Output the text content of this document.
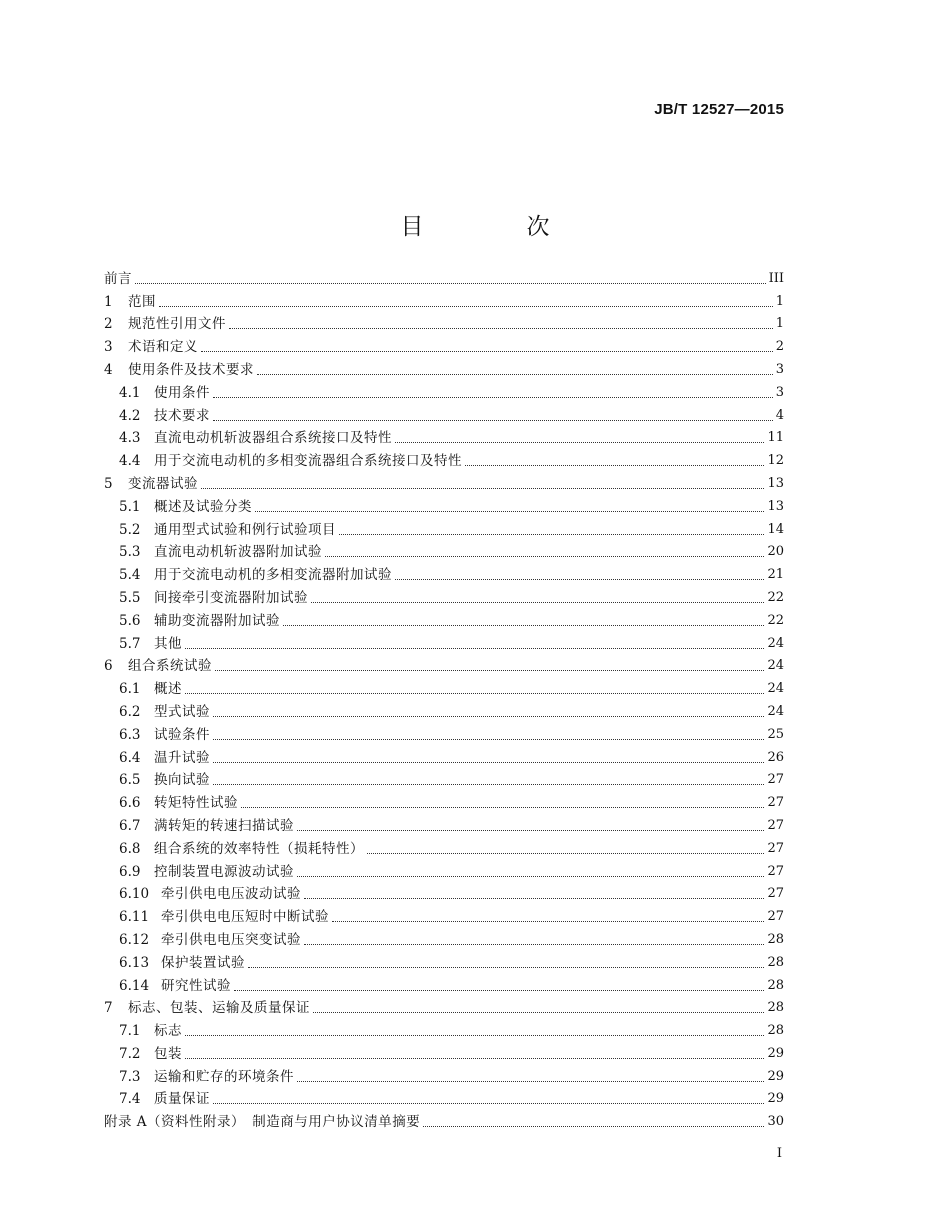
JB/T 12527—2015
目　次
前言	III
1	范围	1
2	规范性引用文件	1
3	术语和定义	2
4	使用条件及技术要求	3
4.1	使用条件	3
4.2	技术要求	4
4.3	直流电动机斩波器组合系统接口及特性	11
4.4	用于交流电动机的多相变流器组合系统接口及特性	12
5	变流器试验	13
5.1	概述及试验分类	13
5.2	通用型式试验和例行试验项目	14
5.3	直流电动机斩波器附加试验	20
5.4	用于交流电动机的多相变流器附加试验	21
5.5	间接牵引变流器附加试验	22
5.6	辅助变流器附加试验	22
5.7	其他	24
6	组合系统试验	24
6.1	概述	24
6.2	型式试验	24
6.3	试验条件	25
6.4	温升试验	26
6.5	换向试验	27
6.6	转矩特性试验	27
6.7	满转矩的转速扫描试验	27
6.8	组合系统的效率特性（损耗特性）	27
6.9	控制装置电源波动试验	27
6.10 牵引供电电压波动试验	27
6.11 牵引供电电压短时中断试验	27
6.12 牵引供电电压突变试验	28
6.13 保护装置试验	28
6.14 研究性试验	28
7	标志、包装、运输及质量保证	28
7.1	标志	28
7.2	包装	29
7.3	运输和贮存的环境条件	29
7.4	质量保证	29
附录 A（资料性附录）　制造商与用户协议清单摘要	30
I
